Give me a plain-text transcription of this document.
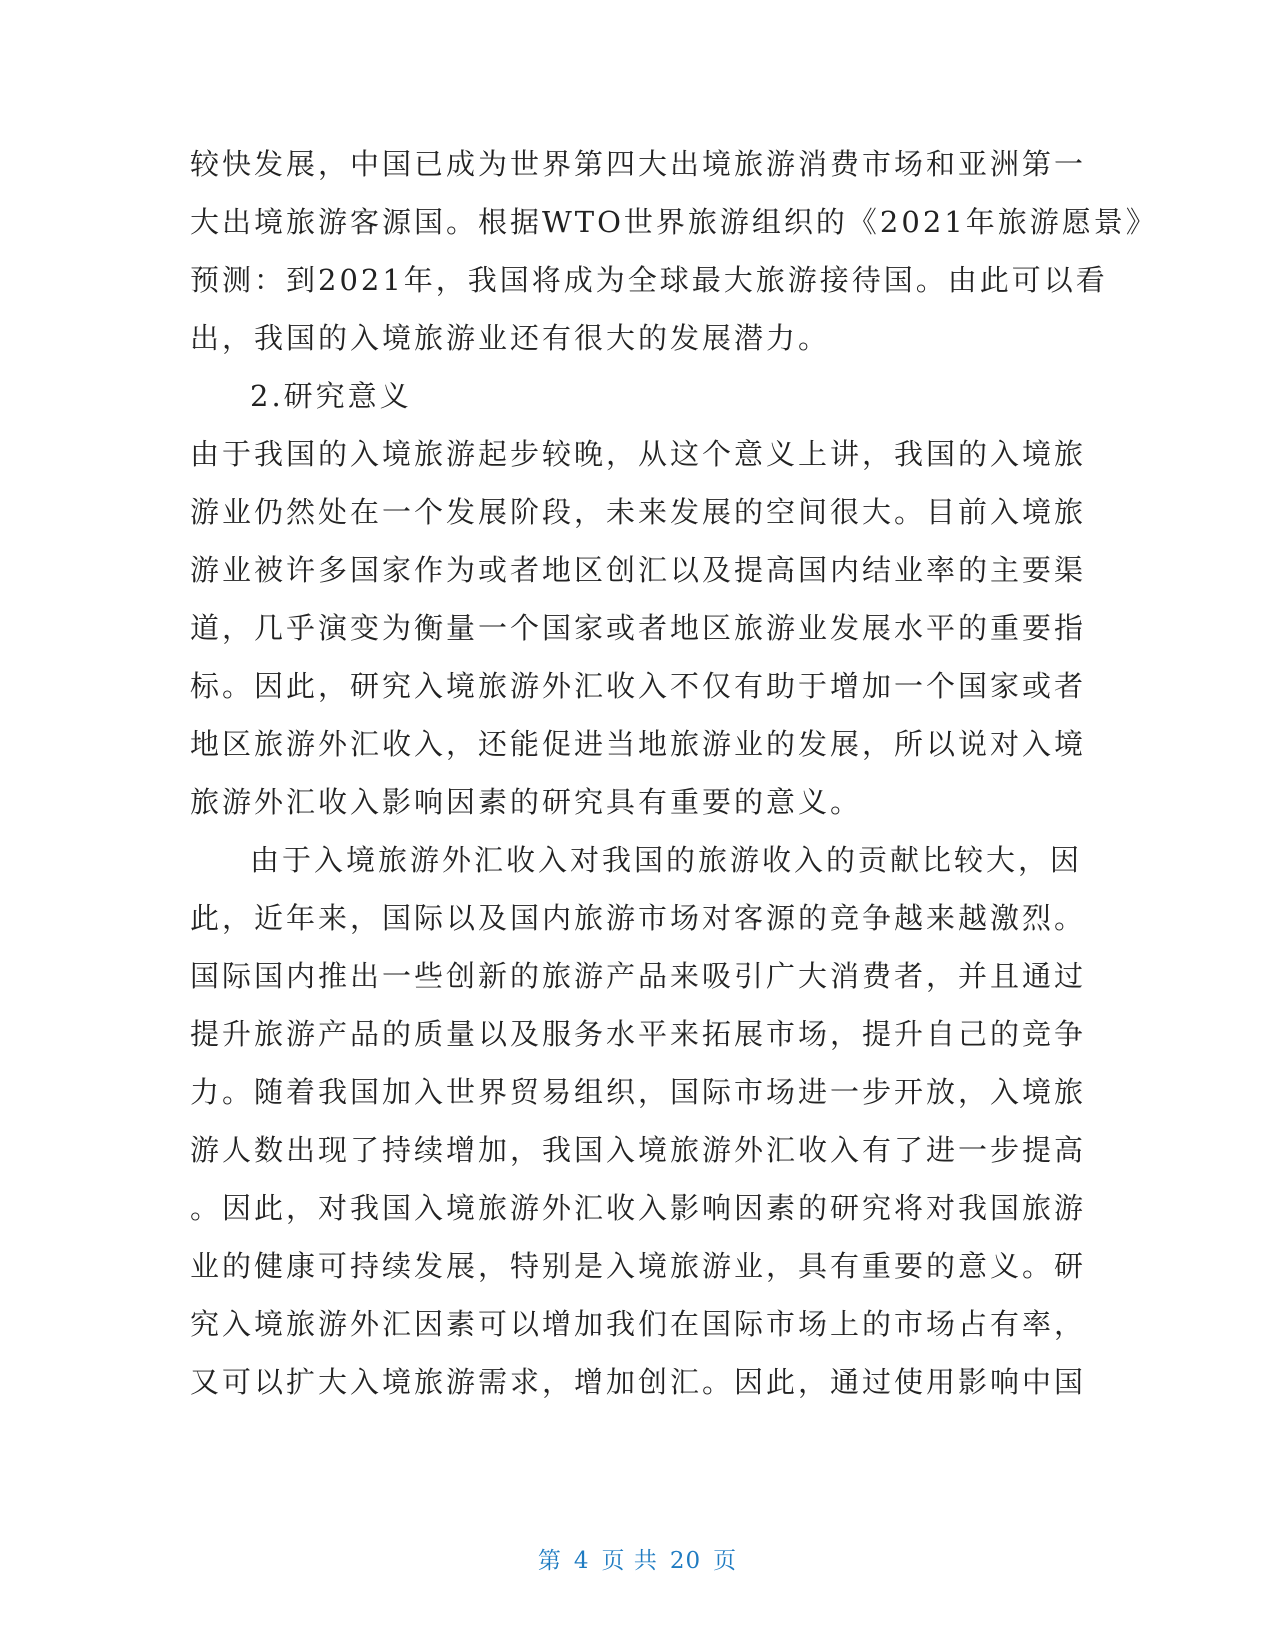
较快发展，中国已成为世界第四大出境旅游消费市场和亚洲第一
大出境旅游客源国。根据WTO世界旅游组织的《2021年旅游愿景》
预测：到2021年，我国将成为全球最大旅游接待国。由此可以看
出，我国的入境旅游业还有很大的发展潜力。
2.研究意义
由于我国的入境旅游起步较晚，从这个意义上讲，我国的入境旅
游业仍然处在一个发展阶段，未来发展的空间很大。目前入境旅
游业被许多国家作为或者地区创汇以及提高国内结业率的主要渠
道，几乎演变为衡量一个国家或者地区旅游业发展水平的重要指
标。因此，研究入境旅游外汇收入不仅有助于增加一个国家或者
地区旅游外汇收入，还能促进当地旅游业的发展，所以说对入境
旅游外汇收入影响因素的研究具有重要的意义。
由于入境旅游外汇收入对我国的旅游收入的贡献比较大，因
此，近年来，国际以及国内旅游市场对客源的竞争越来越激烈。
国际国内推出一些创新的旅游产品来吸引广大消费者，并且通过
提升旅游产品的质量以及服务水平来拓展市场，提升自己的竞争
力。随着我国加入世界贸易组织，国际市场进一步开放，入境旅
游人数出现了持续增加，我国入境旅游外汇收入有了进一步提高
。因此，对我国入境旅游外汇收入影响因素的研究将对我国旅游
业的健康可持续发展，特别是入境旅游业，具有重要的意义。研
究入境旅游外汇因素可以增加我们在国际市场上的市场占有率，
又可以扩大入境旅游需求，增加创汇。因此，通过使用影响中国
第 4 页 共 20 页
